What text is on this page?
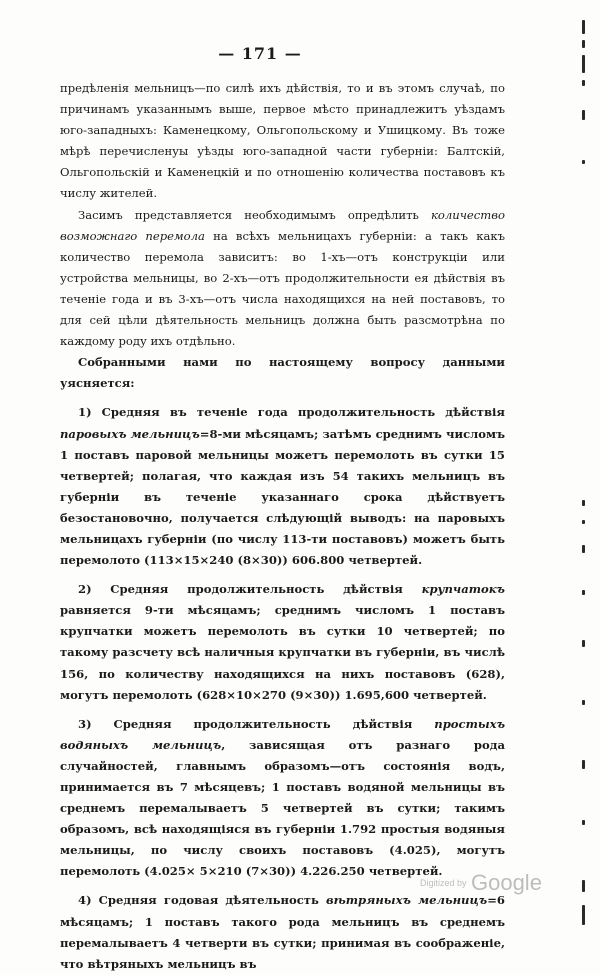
— 171 —

предѣленія мельницъ—по силѣ ихъ дѣйствія, то и въ этомъ случаѣ, по причинамъ указаннымъ выше, первое мѣсто принадлежитъ уѣздамъ юго-западныхъ: Каменецкому, Ольгопольскому и Ушицкому. Въ тоже мѣрѣ перечисленуы уѣзды юго-западной части губерніи: Балтскій, Ольгопольскій и Каменецкій и по отношенію количества поставовъ къ числу жителей.

Засимъ представляется необходимымъ опредѣлить количество возможнаго перемола на всѣхъ мельницахъ губерніи: а такъ какъ количество перемола зависитъ: во 1-хъ—отъ конструкціи или устройства мельницы, во 2-хъ—отъ продолжительности ея дѣйствія въ теченіе года и въ 3-хъ—отъ числа находящихся на ней поставовъ, то для сей цѣли дѣятельность мельницъ должна быть разсмотрѣна по каждому роду ихъ отдѣльно.

Собранными нами по настоящему вопросу данными уясняется:

1) Средняя въ теченіе года продолжительность дѣйствія паровыхъ мельницъ=8-ми мѣсяцамъ; затѣмъ среднимъ числомъ 1 поставъ паровой мельницы можетъ перемолоть въ сутки 15 четвертей; полагая, что каждая изъ 54 такихъ мельницъ въ губерніи въ теченіе указаннаго срока дѣйствуетъ безостановочно, получается слѣдующій выводъ: на паровыхъ мельницахъ губерніи (по числу 113-ти поставовъ) можетъ быть перемолото (113×15×240 (8×30)) 606.800 четвертей.

2) Средняя продолжительность дѣйствія крупчатокъ равняется 9-ти мѣсяцамъ; среднимъ числомъ 1 поставъ крупчатки можетъ перемолоть въ сутки 10 четвертей; по такому разсчету всѣ наличныя крупчатки въ губерніи, въ числѣ 156, по количеству находящихся на нихъ поставовъ (628), могутъ перемолоть (628×10×270 (9×30)) 1.695,600 четвертей.

3) Средняя продолжительность дѣйствія простыхъ водяныхъ мельницъ, зависящая отъ разнаго рода случайностей, главнымъ образомъ—отъ состоянія водъ, принимается въ 7 мѣсяцевъ; 1 поставъ водяной мельницы въ среднемъ перемалываетъ 5 четвертей въ сутки; такимъ образомъ, всѣ находящіяся въ губерніи 1.792 простыя водяныя мельницы, по числу своихъ поставовъ (4.025), могутъ перемолоть (4.025× 5×210 (7×30)) 4.226.250 четвертей.

4) Средняя годовая дѣятельность вѣтряныхъ мельницъ=6 мѣсяцамъ; 1 поставъ такого рода мельницъ въ среднемъ перемалываетъ 4 четверти въ сутки; принимая въ соображеніе, что вѣтряныхъ мельницъ въ

Digitized by Google
